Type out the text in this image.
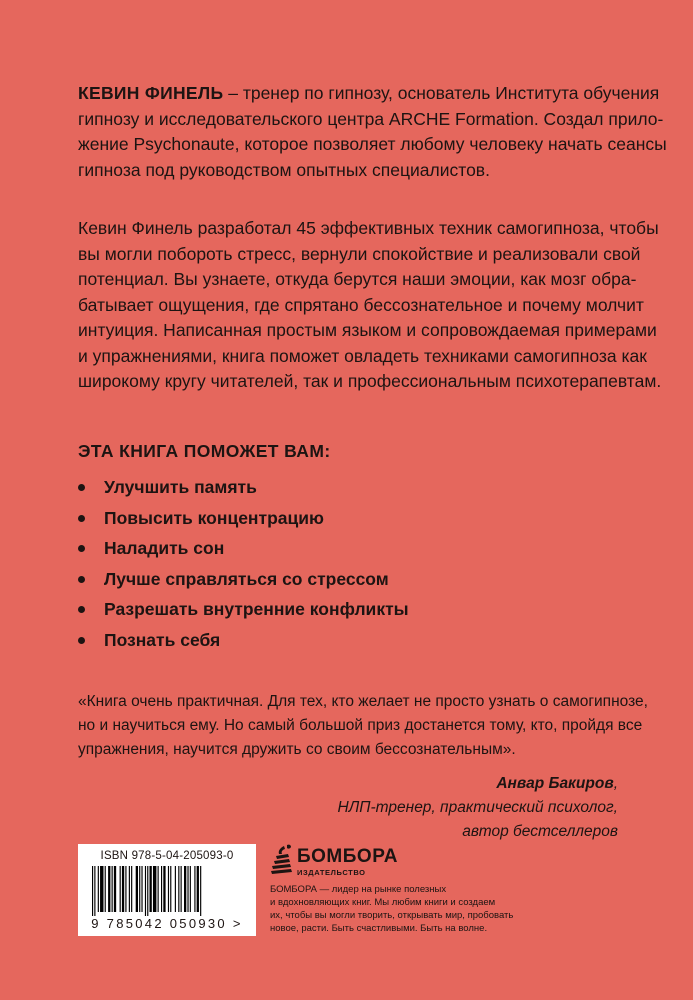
КЕВИН ФИНЕЛЬ – тренер по гипнозу, основатель Института обучения
гипнозу и исследовательского центра ARCHE Formation. Создал прило-
жение Psychonaute, которое позволяет любому человеку начать сеансы
гипноза под руководством опытных специалистов.

Кевин Финель разработал 45 эффективных техник самогипноза, чтобы
вы могли побороть стресс, вернули спокойствие и реализовали свой
потенциал. Вы узнаете, откуда берутся наши эмоции, как мозг обра-
батывает ощущения, где спрятано бессознательное и почему молчит
интуиция. Написанная простым языком и сопровождаемая примерами
и упражнениями, книга поможет овладеть техниками самогипноза как
широкому кругу читателей, так и профессиональным психотерапевтам.

ЭТА КНИГА ПОМОЖЕТ ВАМ:
Улучшить память
Повысить концентрацию
Наладить сон
Лучше справляться со стрессом
Разрешать внутренние конфликты
Познать себя

«Книга очень практичная. Для тех, кто желает не просто узнать о самогипнозе,
но и научиться ему. Но самый большой приз достанется тому, кто, пройдя все
упражнения, научится дружить со своим бессознательным».

Анвар Бакиров,
НЛП-тренер, практический психолог,
автор бестселлеров
ISBN 978-5-04-205093-0
9 785042 050930 >
БОМБОРА
ИЗДАТЕЛЬСТВО
БОМБОРА — лидер на рынке полезных
и вдохновляющих книг. Мы любим книги и создаем
их, чтобы вы могли творить, открывать мир, пробовать
новое, расти. Быть счастливыми. Быть на волне.
